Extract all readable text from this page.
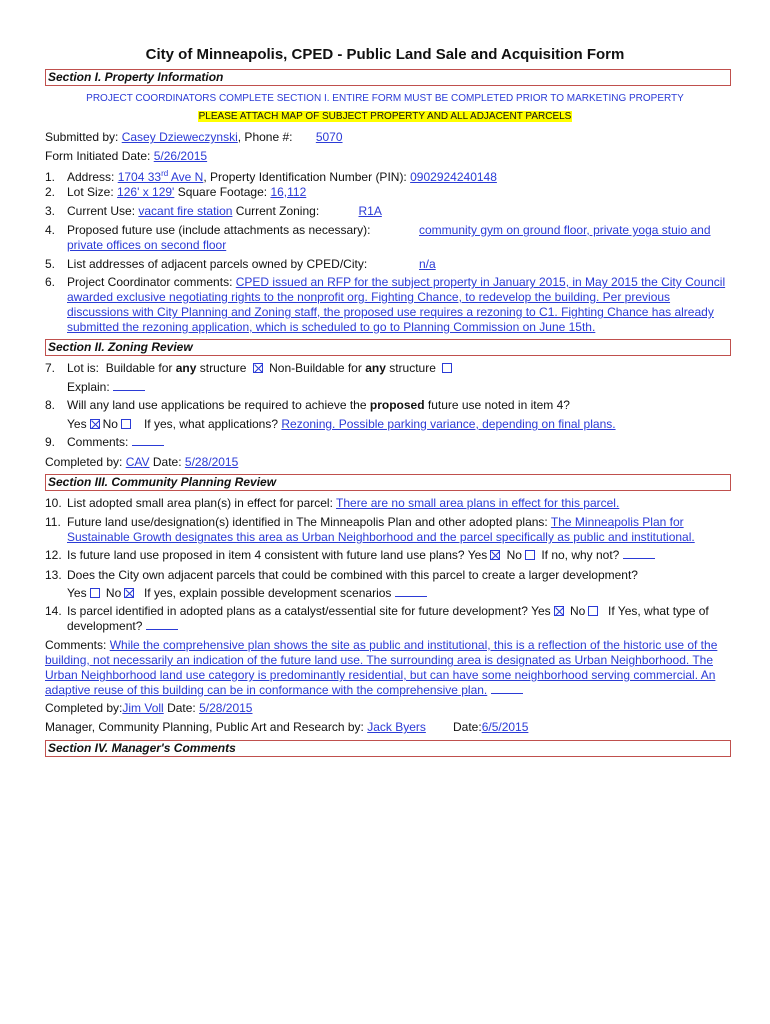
City of Minneapolis, CPED - Public Land Sale and Acquisition Form
Section I. Property Information
PROJECT COORDINATORS COMPLETE SECTION I. ENTIRE FORM MUST BE COMPLETED PRIOR TO MARKETING PROPERTY
PLEASE ATTACH MAP OF SUBJECT PROPERTY AND ALL ADJACENT PARCELS
Submitted by: Casey Dzieweczynski, Phone #: 5070
Form Initiated Date: 5/26/2015
1. Address: 1704 33rd Ave N, Property Identification Number (PIN): 0902924240148
2. Lot Size: 126' x 129' Square Footage: 16,112
3. Current Use: vacant fire station Current Zoning:	R1A
4. Proposed future use (include attachments as necessary):	community gym on ground floor, private yoga stuio and
private offices on second floor
5. List addresses of adjacent parcels owned by CPED/City:	n/a
6. Project Coordinator comments: CPED issued an RFP for the subject property in January 2015, in May 2015 the City Council
awarded exclusive negotiating rights to the nonprofit org. Fighting Chance, to redevelop the building. Per previous
discussions with City Planning and Zoning staff, the proposed use requires a rezoning to C1. Fighting Chance has already
submitted the rezoning application, which is scheduled to go to Planning Commission on June 15th.
Section II. Zoning Review
7. Lot is: Buildable for any structure Non-Buildable for any structure
Explain:
8. Will any land use applications be required to achieve the proposed future use noted in item 4?
Yes No If yes, what applications? Rezoning. Possible parking variance, depending on final plans.
9. Comments:
Completed by: CAV Date: 5/28/2015
Section III. Community Planning Review
10. List adopted small area plan(s) in effect for parcel: There are no small area plans in effect for this parcel.
11. Future land use/designation(s) identified in The Minneapolis Plan and other adopted plans: The Minneapolis Plan for
Sustainable Growth designates this area as Urban Neighborhood and the parcel specifically as public and institutional.
12. Is future land use proposed in item 4 consistent with future land use plans? Yes No If no, why not?
13. Does the City own adjacent parcels that could be combined with this parcel to create a larger development?
Yes No If yes, explain possible development scenarios
14. Is parcel identified in adopted plans as a catalyst/essential site for future development? Yes No If Yes, what type of
development?
Comments: While the comprehensive plan shows the site as public and institutional, this is a reflection of the historic use of the
building, not necessarily an indication of the future land use. The surrounding area is designated as Urban Neighborhood. The
Urban Neighborhood land use category is predominantly residential, but can have some neighborhood serving commercial. An
adaptive reuse of this building can be in conformance with the comprehensive plan.
Completed by:Jim Voll Date: 5/28/2015
Manager, Community Planning, Public Art and Research by: Jack Byers	Date:6/5/2015
Section IV. Manager's Comments
